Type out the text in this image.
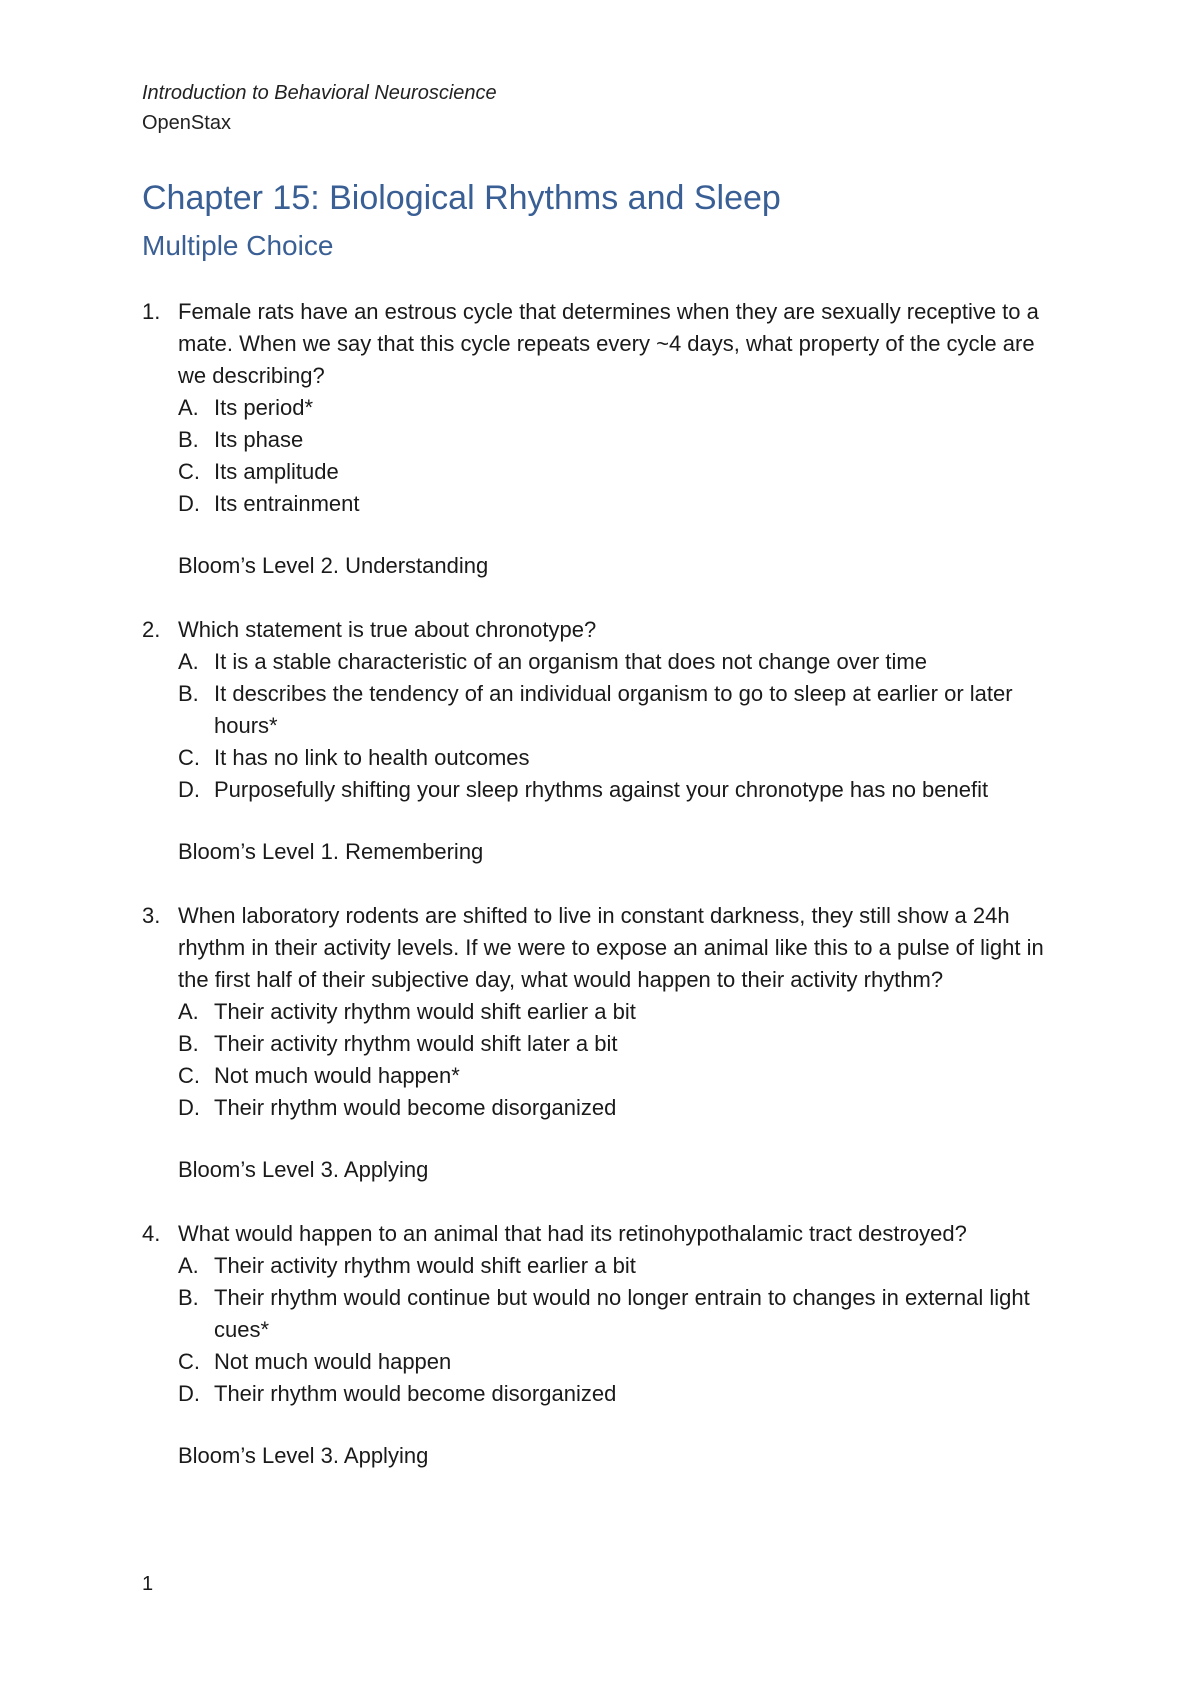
Introduction to Behavioral Neuroscience
OpenStax
Chapter 15: Biological Rhythms and Sleep
Multiple Choice
1. Female rats have an estrous cycle that determines when they are sexually receptive to a mate. When we say that this cycle repeats every ~4 days, what property of the cycle are we describing?
A. Its period*
B. Its phase
C. Its amplitude
D. Its entrainment
Bloom’s Level 2. Understanding
2. Which statement is true about chronotype?
A. It is a stable characteristic of an organism that does not change over time
B. It describes the tendency of an individual organism to go to sleep at earlier or later hours*
C. It has no link to health outcomes
D. Purposefully shifting your sleep rhythms against your chronotype has no benefit
Bloom’s Level 1. Remembering
3. When laboratory rodents are shifted to live in constant darkness, they still show a 24h rhythm in their activity levels. If we were to expose an animal like this to a pulse of light in the first half of their subjective day, what would happen to their activity rhythm?
A. Their activity rhythm would shift earlier a bit
B. Their activity rhythm would shift later a bit
C. Not much would happen*
D. Their rhythm would become disorganized
Bloom’s Level 3. Applying
4. What would happen to an animal that had its retinohypothalamic tract destroyed?
A. Their activity rhythm would shift earlier a bit
B. Their rhythm would continue but would no longer entrain to changes in external light cues*
C. Not much would happen
D. Their rhythm would become disorganized
Bloom’s Level 3. Applying
1
